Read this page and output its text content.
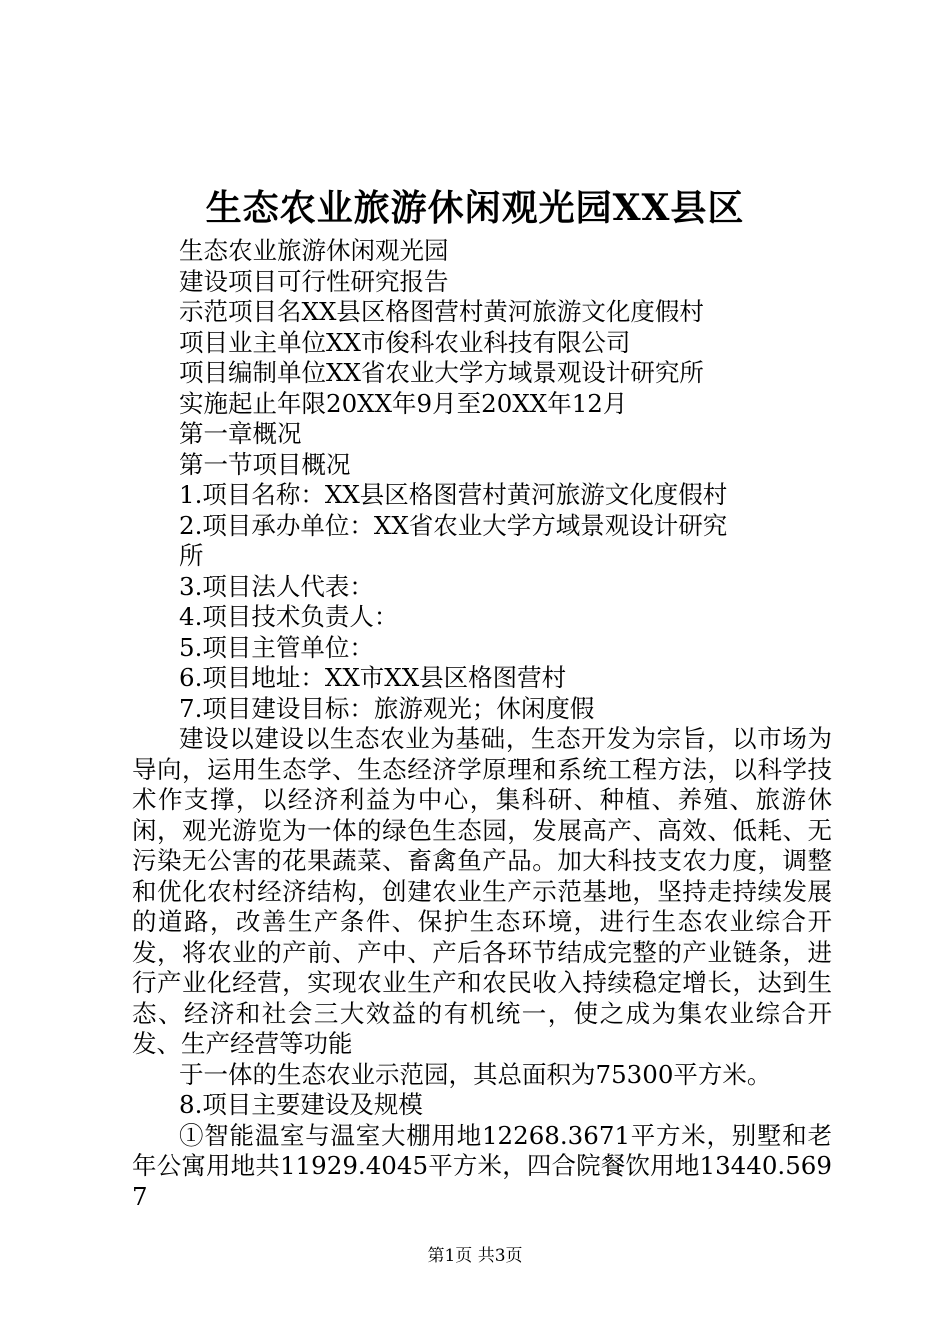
生态农业旅游休闲观光园XX县区
生态农业旅游休闲观光园
建设项目可行性研究报告
示范项目名XX县区格图营村黄河旅游文化度假村
项目业主单位XX市俊科农业科技有限公司
项目编制单位XX省农业大学方域景观设计研究所
实施起止年限20XX年9月至20XX年12月
第一章概况
第一节项目概况
1.项目名称：XX县区格图营村黄河旅游文化度假村
2.项目承办单位：XX省农业大学方域景观设计研究
所
3.项目法人代表：
4.项目技术负责人：
5.项目主管单位：
6.项目地址：XX市XX县区格图营村
7.项目建设目标：旅游观光；休闲度假
建设以建设以生态农业为基础，生态开发为宗旨，以市场为导向，运用生态学、生态经济学原理和系统工程方法，以科学技术作支撑，以经济利益为中心，集科研、种植、养殖、旅游休闲，观光游览为一体的绿色生态园，发展高产、高效、低耗、无污染无公害的花果蔬菜、畜禽鱼产品。加大科技支农力度，调整和优化农村经济结构，创建农业生产示范基地，坚持走持续发展的道路，改善生产条件、保护生态环境，进行生态农业综合开发，将农业的产前、产中、产后各环节结成完整的产业链条，进行产业化经营，实现农业生产和农民收入持续稳定增长，达到生态、经济和社会三大效益的有机统一，使之成为集农业综合开发、生产经营等功能
于一体的生态农业示范园，其总面积为75300平方米。
8.项目主要建设及规模
①智能温室与温室大棚用地12268.3671平方米，别墅和老年公寓用地共11929.4045平方米，四合院餐饮用地13440.5697
第1页 共3页
